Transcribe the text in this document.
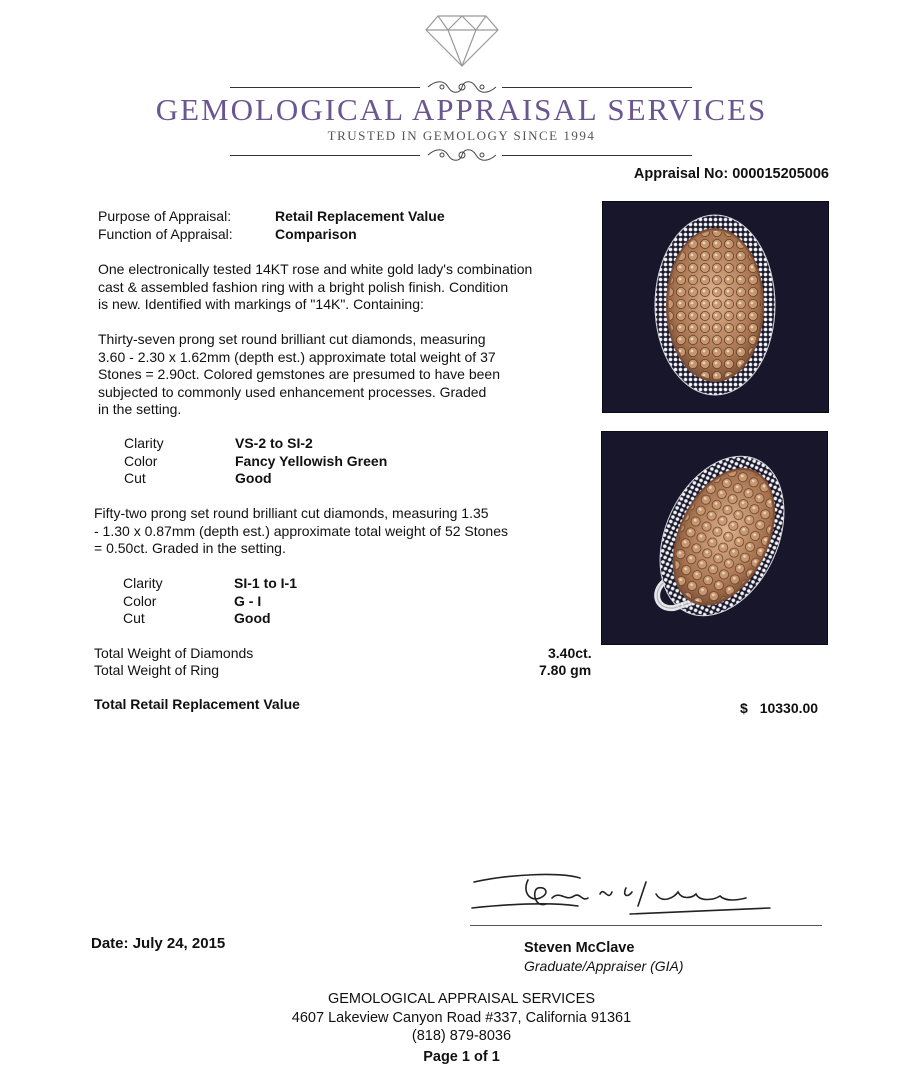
GEMOLOGICAL APPRAISAL SERVICES
TRUSTED IN GEMOLOGY SINCE 1994
Appraisal No: 000015205006
Purpose of Appraisal:	Retail Replacement Value
Function of Appraisal:	Comparison
One electronically tested 14KT rose and white gold lady's combination
cast & assembled fashion ring with a bright polish finish. Condition
is new. Identified with markings of "14K". Containing:
Thirty-seven prong set round brilliant cut diamonds, measuring
3.60 - 2.30 x 1.62mm (depth est.) approximate total weight of 37
Stones = 2.90ct. Colored gemstones are presumed to have been
subjected to commonly used enhancement processes. Graded
in the setting.
Clarity	VS-2 to SI-2
Color	Fancy Yellowish Green
Cut	Good
Fifty-two prong set round brilliant cut diamonds, measuring 1.35
- 1.30 x 0.87mm (depth est.) approximate total weight of 52 Stones
= 0.50ct. Graded in the setting.
Clarity	SI-1 to I-1
Color	G - I
Cut	Good
Total Weight of Diamonds	3.40ct.
Total Weight of Ring	7.80 gm
Total Retail Replacement Value	$ 10330.00
Date: July 24, 2015	Steven McClave
Graduate/Appraiser (GIA)
GEMOLOGICAL APPRAISAL SERVICES
4607 Lakeview Canyon Road #337, California 91361
(818) 879-8036
Page 1 of 1
